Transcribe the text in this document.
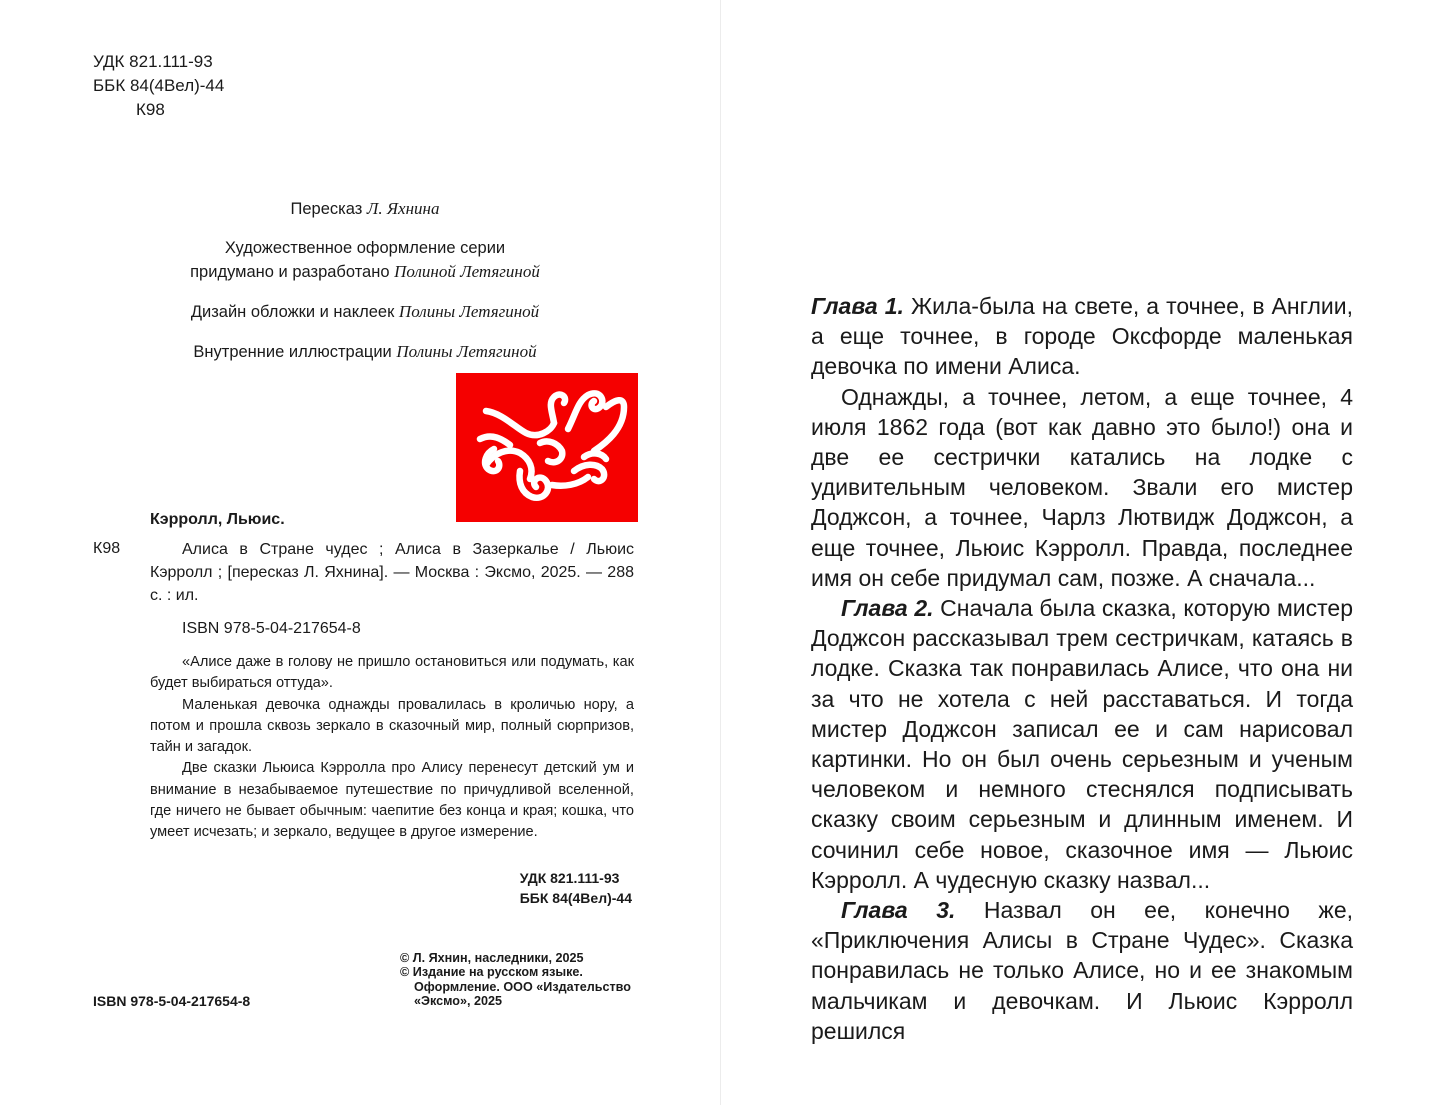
УДК 821.111-93
ББК 84(4Вел)-44
К98
Пересказ Л. Яхнина
Художественное оформление серии
придумано и разработано Полиной Летягиной
Дизайн обложки и наклеек Полины Летягиной
Внутренние иллюстрации Полины Летягиной
Кэрролл, Льюис.
К98	Алиса в Стране чудес ; Алиса в Зазеркалье / Льюис Кэрролл ; [пересказ Л. Яхнина]. — Москва : Эксмо, 2025. — 288 с. : ил.
ISBN 978-5-04-217654-8

«Алисе даже в голову не пришло остановиться или подумать, как будет выбираться оттуда».

Маленькая девочка однажды провалилась в кроличью нору, а потом и прошла сквозь зеркало в сказочный мир, полный сюрпризов, тайн и загадок.

Две сказки Льюиса Кэрролла про Алису перенесут детский ум и внимание в незабываемое путешествие по причудливой вселенной, где ничего не бывает обычным: чаепитие без конца и края; кошка, что умеет исчезать; и зеркало, ведущее в другое измерение.

УДК 821.111-93
ББК 84(4Вел)-44
© Л. Яхнин, наследники, 2025
© Издание на русском языке.
Оформление. ООО «Издательство
«Эксмо», 2025
ISBN 978-5-04-217654-8

Глава 1. Жила-была на свете, а точнее, в Англии, а еще точнее, в городе Оксфорде маленькая девочка по имени Алиса.

Однажды, а точнее, летом, а еще точнее, 4 июля 1862 года (вот как давно это было!) она и две ее сестрички катались на лодке с удивительным человеком. Звали его мистер Доджсон, а точнее, Чарлз Лютвидж Доджсон, а еще точнее, Льюис Кэрролл. Правда, последнее имя он себе придумал сам, позже. А сначала...

Глава 2. Сначала была сказка, которую мистер Доджсон рассказывал трем сестричкам, катаясь в лодке. Сказка так понравилась Алисе, что она ни за что не хотела с ней расставаться. И тогда мистер Доджсон записал ее и сам нарисовал картинки. Но он был очень серьезным и ученым человеком и немного стеснялся подписывать сказку своим серьезным и длинным именем. И сочинил себе новое, сказочное имя — Льюис Кэрролл. А чудесную сказку назвал...

Глава 3. Назвал он ее, конечно же, «Приключения Алисы в Стране Чудес». Сказка понравилась не только Алисе, но и ее знакомым мальчикам и девочкам. И Льюис Кэрролл решился
